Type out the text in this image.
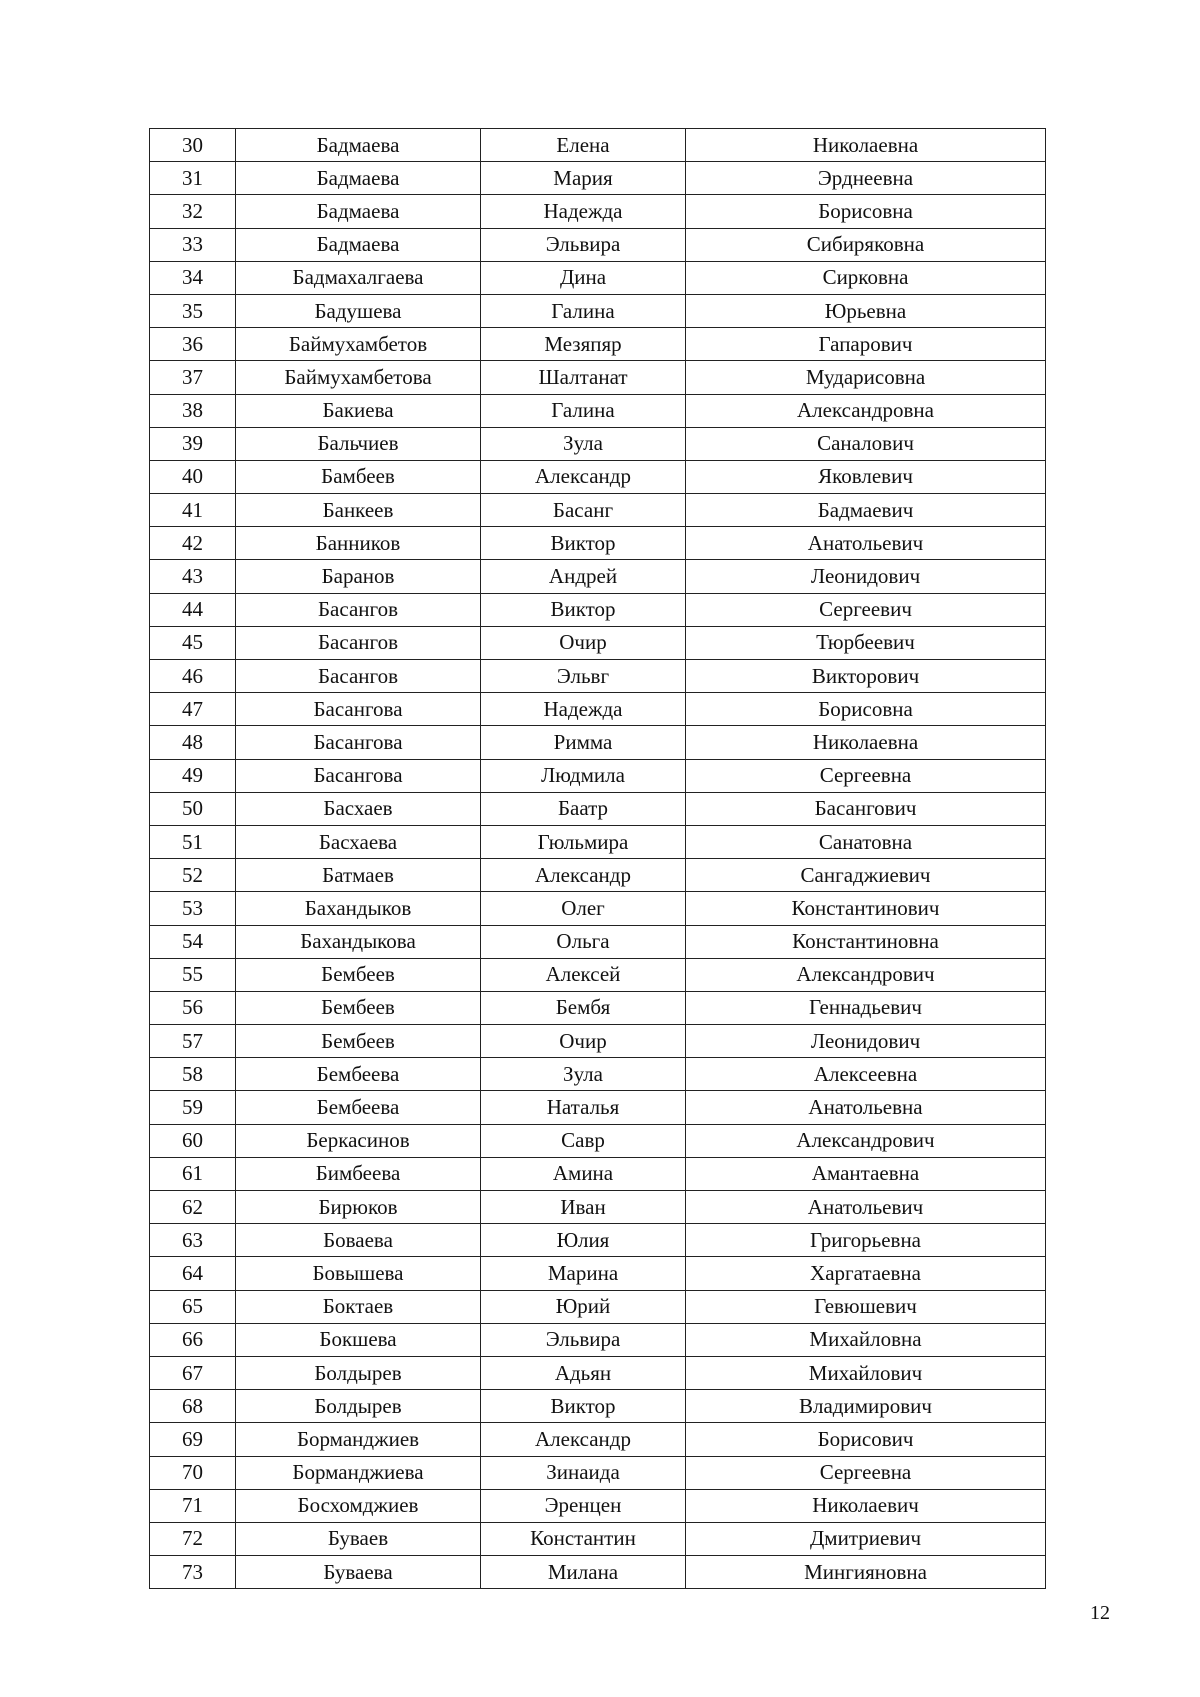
30	Бадмаева	Елена	Николаевна
31	Бадмаева	Мария	Эрднеевна
32	Бадмаева	Надежда	Борисовна
33	Бадмаева	Эльвира	Сибиряковна
34	Бадмахалгаева	Дина	Сирковна
35	Бадушева	Галина	Юрьевна
36	Баймухамбетов	Мезяпяр	Гапарович
37	Баймухамбетова	Шалтанат	Мударисовна
38	Бакиева	Галина	Александровна
39	Бальчиев	Зула	Саналович
40	Бамбеев	Александр	Яковлевич
41	Банкеев	Басанг	Бадмаевич
42	Банников	Виктор	Анатольевич
43	Баранов	Андрей	Леонидович
44	Басангов	Виктор	Сергеевич
45	Басангов	Очир	Тюрбеевич
46	Басангов	Эльвг	Викторович
47	Басангова	Надежда	Борисовна
48	Басангова	Римма	Николаевна
49	Басангова	Людмила	Сергеевна
50	Басхаев	Баатр	Басангович
51	Басхаева	Гюльмира	Санатовна
52	Батмаев	Александр	Сангаджиевич
53	Бахандыков	Олег	Константинович
54	Бахандыкова	Ольга	Константиновна
55	Бембеев	Алексей	Александрович
56	Бембеев	Бембя	Геннадьевич
57	Бембеев	Очир	Леонидович
58	Бембеева	Зула	Алексеевна
59	Бембеева	Наталья	Анатольевна
60	Беркасинов	Савр	Александрович
61	Бимбеева	Амина	Амантаевна
62	Бирюков	Иван	Анатольевич
63	Боваева	Юлия	Григорьевна
64	Бовышева	Марина	Харгатаевна
65	Боктаев	Юрий	Гевюшевич
66	Бокшева	Эльвира	Михайловна
67	Болдырев	Адьян	Михайлович
68	Болдырев	Виктор	Владимирович
69	Борманджиев	Александр	Борисович
70	Борманджиева	Зинаида	Сергеевна
71	Босхомджиев	Эренцен	Николаевич
72	Буваев	Константин	Дмитриевич
73	Буваева	Милана	Мингияновна
12
